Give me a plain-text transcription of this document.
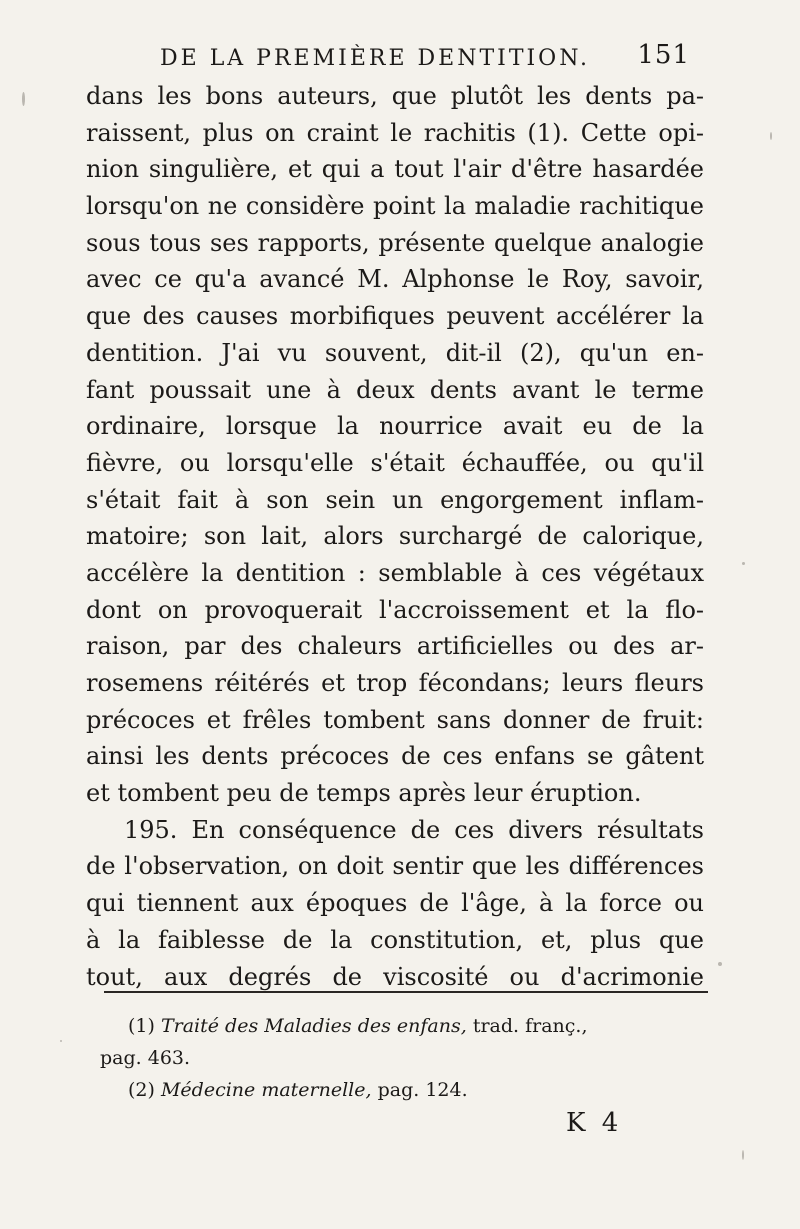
DE LA PREMIÈRE DENTITION. 151
dans les bons auteurs, que plutôt les dents pa-
raissent, plus on craint le rachitis (1). Cette opi-
nion singulière, et qui a tout l'air d'être hasardée
lorsqu'on ne considère point la maladie rachitique
sous tous ses rapports, présente quelque analogie
avec ce qu'a avancé M. Alphonse le Roy, savoir,
que des causes morbifiques peuvent accélérer la
dentition. J'ai vu souvent, dit-il (2), qu'un en-
fant poussait une à deux dents avant le terme
ordinaire, lorsque la nourrice avait eu de la
fièvre, ou lorsqu'elle s'était échauffée, ou qu'il
s'était fait à son sein un engorgement inflam-
matoire; son lait, alors surchargé de calorique,
accélère la dentition : semblable à ces végétaux
dont on provoquerait l'accroissement et la flo-
raison, par des chaleurs artificielles ou des ar-
rosemens réitérés et trop fécondans; leurs fleurs
précoces et frêles tombent sans donner de fruit:
ainsi les dents précoces de ces enfans se gâtent
et tombent peu de temps après leur éruption.
195. En conséquence de ces divers résultats
de l'observation, on doit sentir que les différences
qui tiennent aux époques de l'âge, à la force ou
à la faiblesse de la constitution, et, plus que
tout, aux degrés de viscosité ou d'acrimonie
(1) Traité des Maladies des enfans, trad. franç.,
pag. 463.
(2) Médecine maternelle, pag. 124.
K 4
